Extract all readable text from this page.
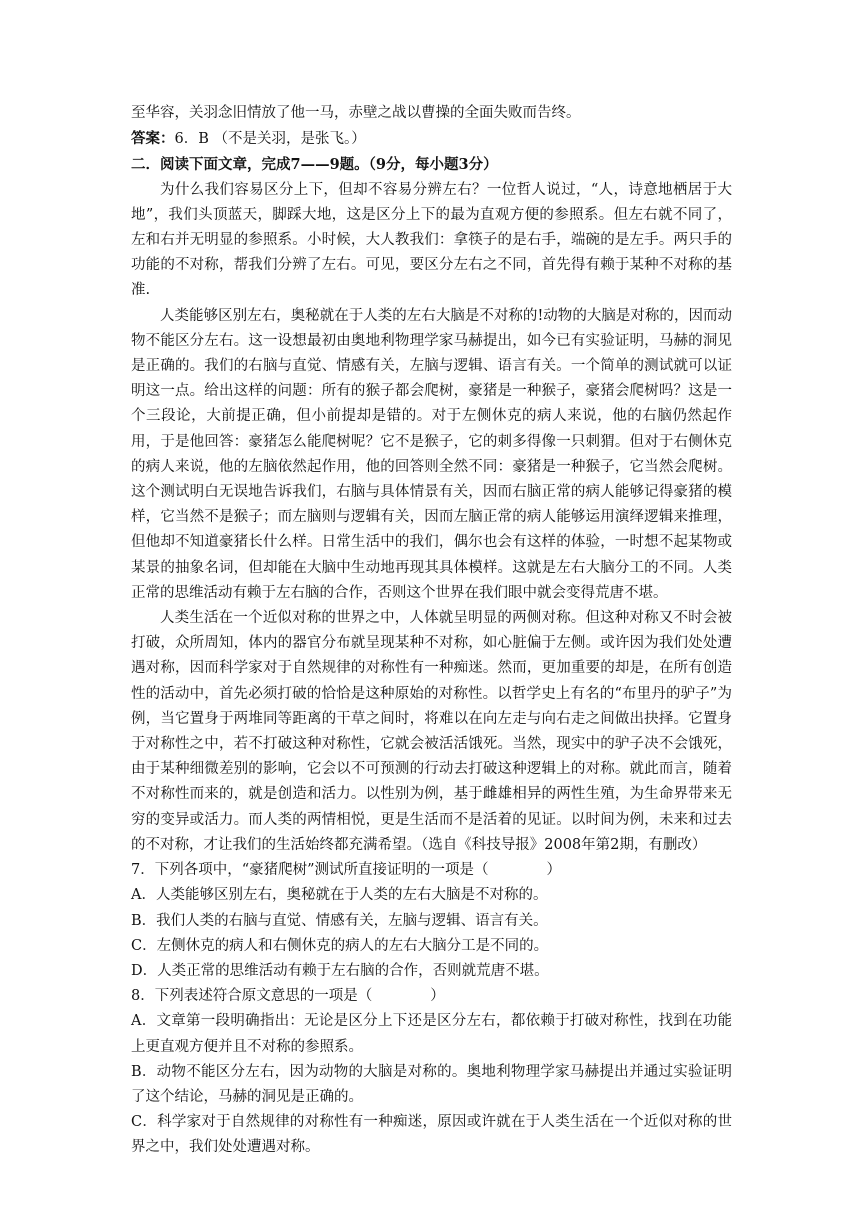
至华容，关羽念旧情放了他一马，赤壁之战以曹操的全面失败而告终。

答案：6．B （不是关羽，是张飞。）

二．阅读下面文章，完成7——9题。（9分，每小题3分）

为什么我们容易区分上下，但却不容易分辨左右？一位哲人说过，“人，诗意地栖居于大地”，我们头顶蓝天，脚踩大地，这是区分上下的最为直观方便的参照系。但左右就不同了，左和右并无明显的参照系。小时候，大人教我们：拿筷子的是右手，端碗的是左手。两只手的功能的不对称，帮我们分辨了左右。可见，要区分左右之不同，首先得有赖于某种不对称的基准.

人类能够区别左右，奥秘就在于人类的左右大脑是不对称的!动物的大脑是对称的，因而动物不能区分左右。这一设想最初由奥地利物理学家马赫提出，如今已有实验证明，马赫的洞见是正确的。我们的右脑与直觉、情感有关，左脑与逻辑、语言有关。一个简单的测试就可以证明这一点。给出这样的问题：所有的猴子都会爬树，豪猪是一种猴子，豪猪会爬树吗？这是一个三段论，大前提正确，但小前提却是错的。对于左侧休克的病人来说，他的右脑仍然起作用，于是他回答：豪猪怎么能爬树呢？它不是猴子，它的刺多得像一只刺猬。但对于右侧休克的病人来说，他的左脑依然起作用，他的回答则全然不同：豪猪是一种猴子，它当然会爬树。这个测试明白无误地告诉我们，右脑与具体情景有关，因而右脑正常的病人能够记得豪猪的模样，它当然不是猴子；而左脑则与逻辑有关，因而左脑正常的病人能够运用演绎逻辑来推理，但他却不知道豪猪长什么样。日常生活中的我们，偶尔也会有这样的体验，一时想不起某物或某景的抽象名词，但却能在大脑中生动地再现其具体模样。这就是左右大脑分工的不同。人类正常的思维活动有赖于左右脑的合作，否则这个世界在我们眼中就会变得荒唐不堪。

人类生活在一个近似对称的世界之中，人体就呈明显的两侧对称。但这种对称又不时会被打破，众所周知，体内的器官分布就呈现某种不对称，如心脏偏于左侧。或许因为我们处处遭遇对称，因而科学家对于自然规律的对称性有一种痴迷。然而，更加重要的却是，在所有创造性的活动中，首先必须打破的恰恰是这种原始的对称性。以哲学史上有名的“布里丹的驴子”为例，当它置身于两堆同等距离的干草之间时，将难以在向左走与向右走之间做出抉择。它置身于对称性之中，若不打破这种对称性，它就会被活活饿死。当然，现实中的驴子决不会饿死，由于某种细微差别的影响，它会以不可预测的行动去打破这种逻辑上的对称。就此而言，随着不对称性而来的，就是创造和活力。以性别为例，基于雌雄相异的两性生殖，为生命界带来无穷的变异或活力。而人类的两情相悦，更是生活而不是活着的见证。以时间为例，未来和过去的不对称，才让我们的生活始终都充满希望。（选自《科技导报》2008年第2期，有删改）

7．下列各项中，“豪猪爬树”测试所直接证明的一项是（　　　　）

A．人类能够区别左右，奥秘就在于人类的左右大脑是不对称的。

B．我们人类的右脑与直觉、情感有关，左脑与逻辑、语言有关。

C．左侧休克的病人和右侧休克的病人的左右大脑分工是不同的。

D．人类正常的思维活动有赖于左右脑的合作，否则就荒唐不堪。

8．下列表述符合原文意思的一项是（　　　　）

A．文章第一段明确指出：无论是区分上下还是区分左右，都依赖于打破对称性，找到在功能上更直观方便并且不对称的参照系。

B．动物不能区分左右，因为动物的大脑是对称的。奥地利物理学家马赫提出并通过实验证明了这个结论，马赫的洞见是正确的。

C．科学家对于自然规律的对称性有一种痴迷，原因或许就在于人类生活在一个近似对称的世界之中，我们处处遭遇对称。
